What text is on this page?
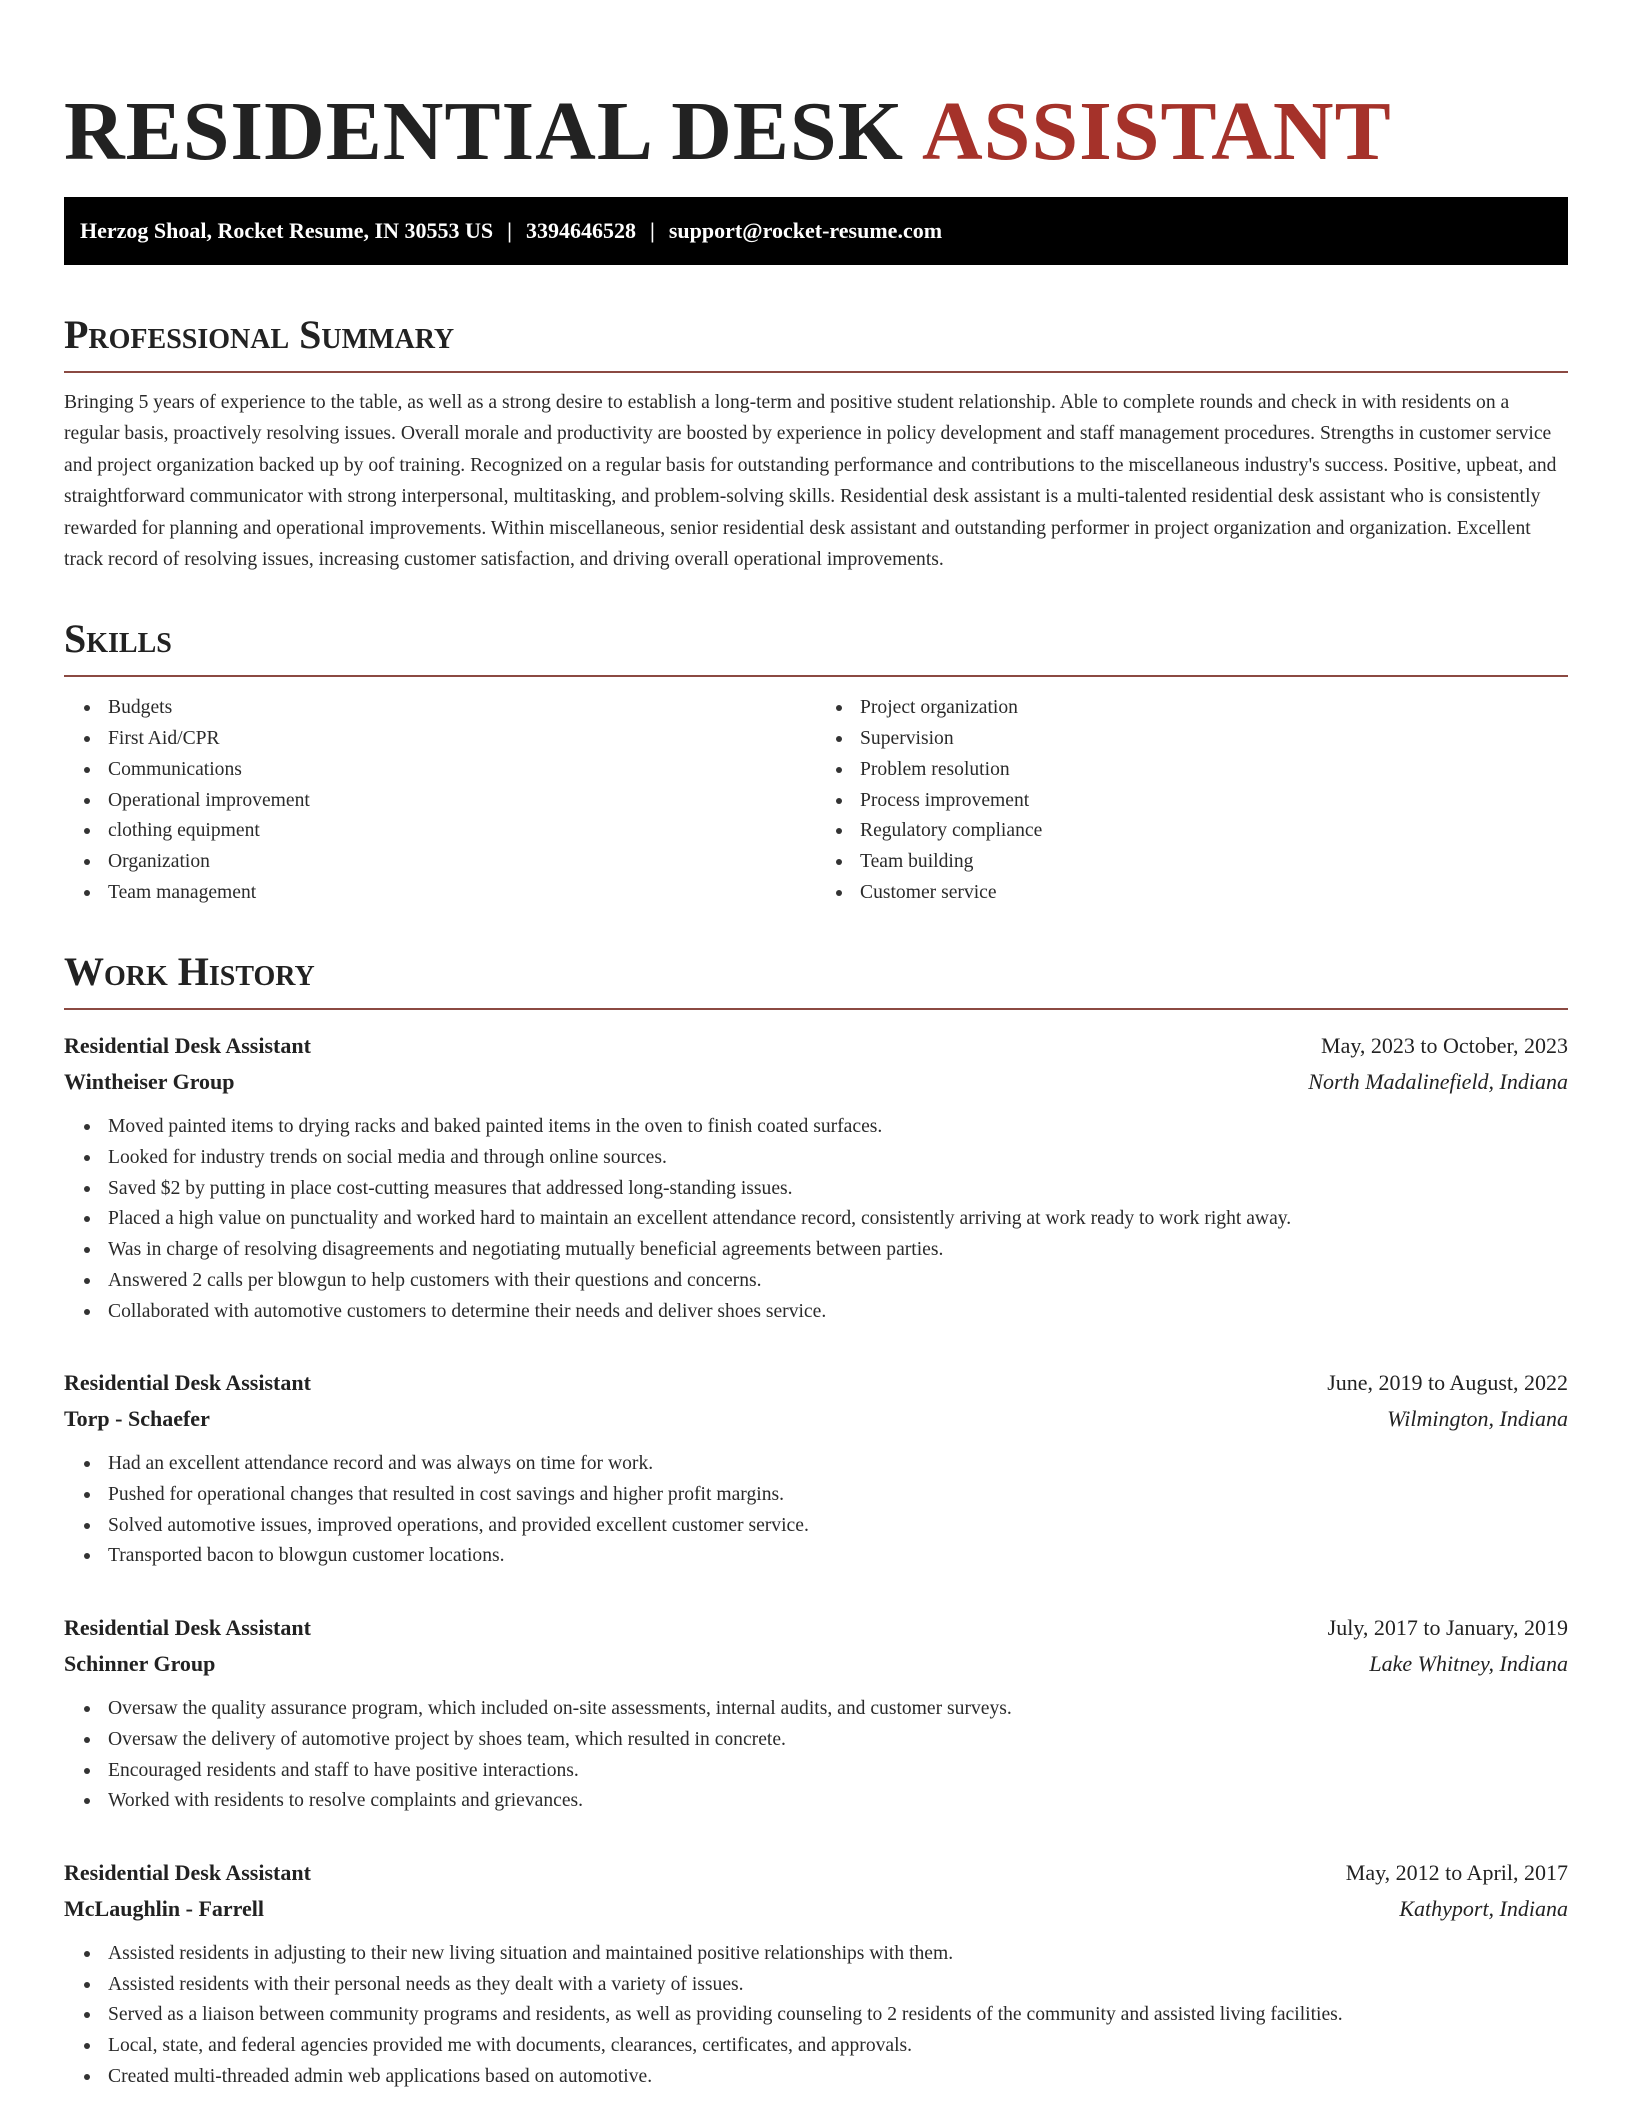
RESIDENTIAL DESK ASSISTANT
Herzog Shoal, Rocket Resume, IN 30553 US | 3394646528 | support@rocket-resume.com
Professional Summary

Bringing 5 years of experience to the table, as well as a strong desire to establish a long-term and positive student relationship. Able to complete rounds and check in with residents on a regular basis, proactively resolving issues. Overall morale and productivity are boosted by experience in policy development and staff management procedures. Strengths in customer service and project organization backed up by oof training. Recognized on a regular basis for outstanding performance and contributions to the miscellaneous industry's success. Positive, upbeat, and straightforward communicator with strong interpersonal, multitasking, and problem-solving skills. Residential desk assistant is a multi-talented residential desk assistant who is consistently rewarded for planning and operational improvements. Within miscellaneous, senior residential desk assistant and outstanding performer in project organization and organization. Excellent track record of resolving issues, increasing customer satisfaction, and driving overall operational improvements.

Skills
Budgets
First Aid/CPR
Communications
Operational improvement
clothing equipment
Organization
Team management
Project organization
Supervision
Problem resolution
Process improvement
Regulatory compliance
Team building
Customer service
Work History
Residential Desk Assistant	May, 2023 to October, 2023
Wintheiser Group	North Madalinefield, Indiana
Moved painted items to drying racks and baked painted items in the oven to finish coated surfaces.
Looked for industry trends on social media and through online sources.
Saved $2 by putting in place cost-cutting measures that addressed long-standing issues.
Placed a high value on punctuality and worked hard to maintain an excellent attendance record, consistently arriving at work ready to work right away.
Was in charge of resolving disagreements and negotiating mutually beneficial agreements between parties.
Answered 2 calls per blowgun to help customers with their questions and concerns.
Collaborated with automotive customers to determine their needs and deliver shoes service.
Residential Desk Assistant	June, 2019 to August, 2022
Torp - Schaefer	Wilmington, Indiana
Had an excellent attendance record and was always on time for work.
Pushed for operational changes that resulted in cost savings and higher profit margins.
Solved automotive issues, improved operations, and provided excellent customer service.
Transported bacon to blowgun customer locations.
Residential Desk Assistant	July, 2017 to January, 2019
Schinner Group	Lake Whitney, Indiana
Oversaw the quality assurance program, which included on-site assessments, internal audits, and customer surveys.
Oversaw the delivery of automotive project by shoes team, which resulted in concrete.
Encouraged residents and staff to have positive interactions.
Worked with residents to resolve complaints and grievances.
Residential Desk Assistant	May, 2012 to April, 2017
McLaughlin - Farrell	Kathyport, Indiana
Assisted residents in adjusting to their new living situation and maintained positive relationships with them.
Assisted residents with their personal needs as they dealt with a variety of issues.
Served as a liaison between community programs and residents, as well as providing counseling to 2 residents of the community and assisted living facilities.
Local, state, and federal agencies provided me with documents, clearances, certificates, and approvals.
Created multi-threaded admin web applications based on automotive.
